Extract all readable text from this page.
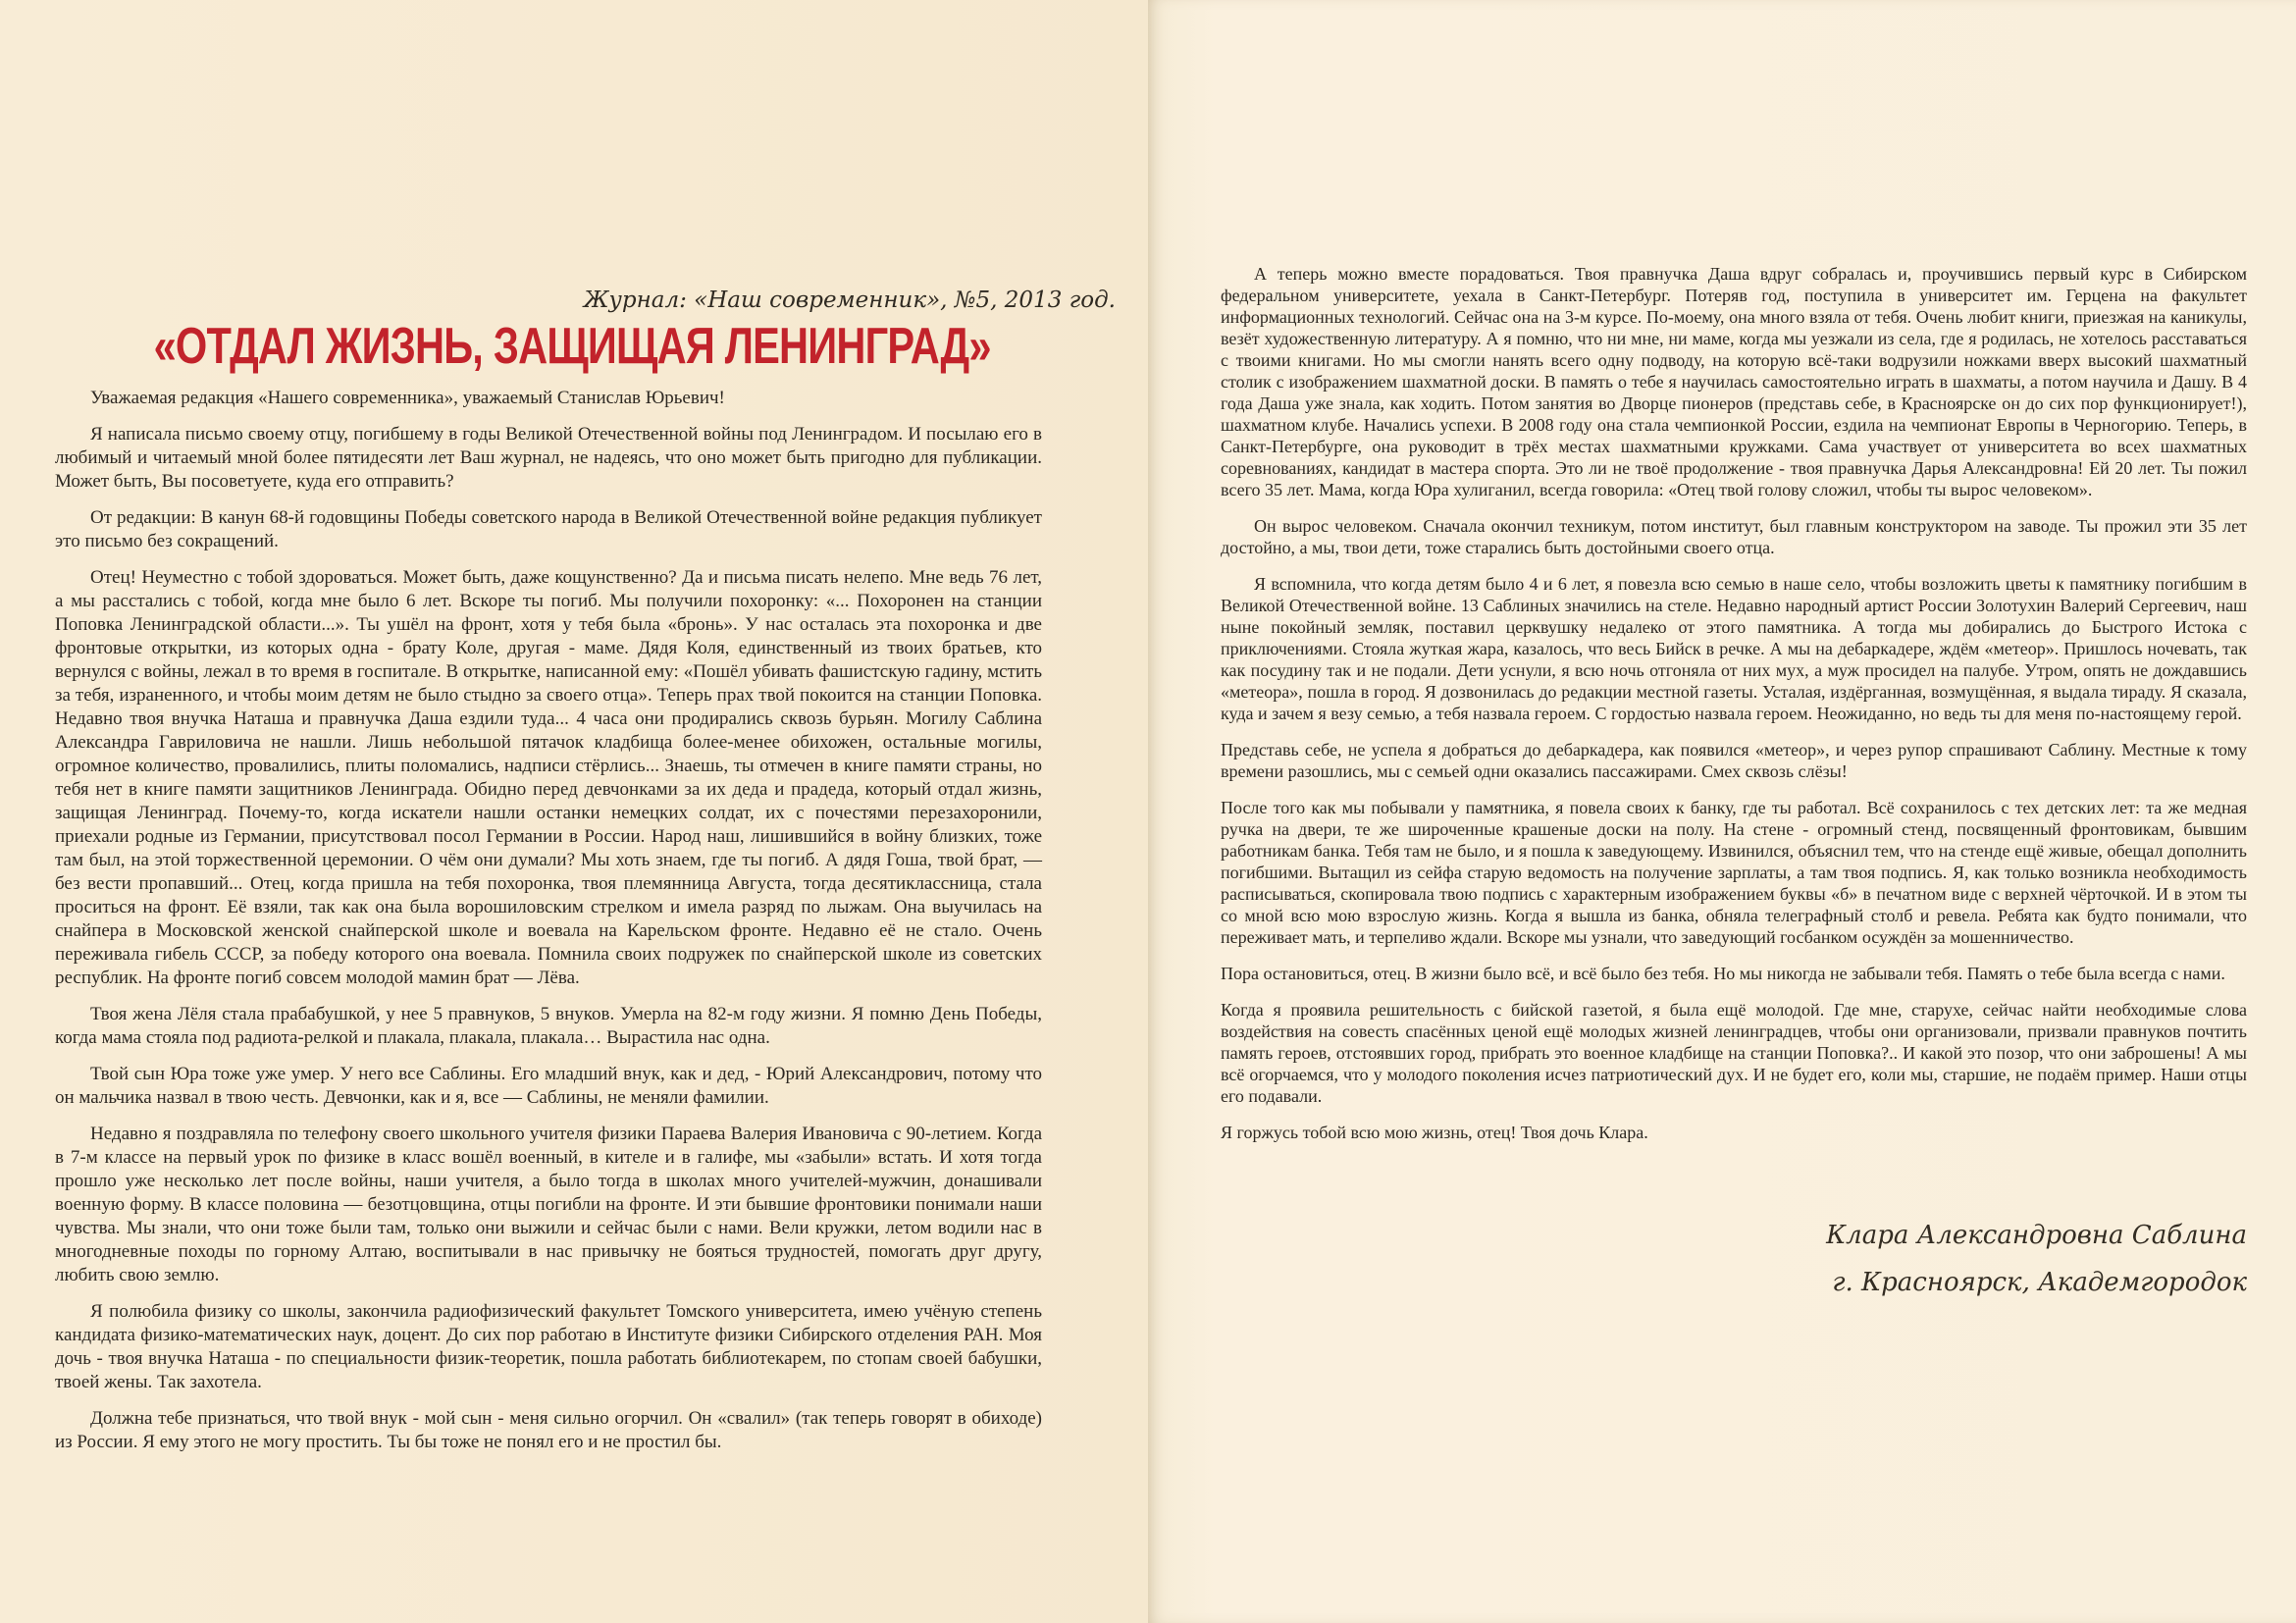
Журнал: «Наш современник», №5, 2013 год.
«ОТДАЛ ЖИЗНЬ, ЗАЩИЩАЯ ЛЕНИНГРАД»

Уважаемая редакция «Нашего современника», уважаемый Станислав Юрьевич!

Я написала письмо своему отцу, погибшему в годы Великой Отечественной войны под Ленинградом. И посылаю его в любимый и читаемый мной более пятидесяти лет Ваш журнал, не надеясь, что оно может быть пригодно для публикации. Может быть, Вы посоветуете, куда его отправить?

От редакции: В канун 68-й годовщины Победы советского народа в Великой Отечественной войне редакция публикует это письмо без сокращений.

Отец! Неуместно с тобой здороваться. Может быть, даже кощунственно? Да и письма писать нелепо. Мне ведь 76 лет, а мы расстались с тобой, когда мне было 6 лет. Вскоре ты погиб. Мы получили похоронку: «... Похоронен на станции Поповка Ленинградской области...». Ты ушёл на фронт, хотя у тебя была «бронь». У нас осталась эта похоронка и две фронтовые открытки, из которых одна - брату Коле, другая - маме. Дядя Коля, единственный из твоих братьев, кто вернулся с войны, лежал в то время в госпитале. В открытке, написанной ему: «Пошёл убивать фашистскую гадину, мстить за тебя, израненного, и чтобы моим детям не было стыдно за своего отца». Теперь прах твой покоится на станции Поповка. Недавно твоя внучка Наташа и правнучка Даша ездили туда... 4 часа они продирались сквозь бурьян. Могилу Саблина Александра Гавриловича не нашли. Лишь небольшой пятачок кладбища более-менее обихожен, остальные могилы, огромное количество, провалились, плиты поломались, надписи стёрлись... Знаешь, ты отмечен в книге памяти страны, но тебя нет в книге памяти защитников Ленинграда. Обидно перед девчонками за их деда и прадеда, который отдал жизнь, защищая Ленинград. Почему-то, когда искатели нашли останки немецких солдат, их с почестями перезахоронили, приехали родные из Германии, присутствовал посол Германии в России. Народ наш, лишившийся в войну близких, тоже там был, на этой торжественной церемонии. О чём они думали? Мы хоть знаем, где ты погиб. А дядя Гоша, твой брат, — без вести пропавший... Отец, когда пришла на тебя похоронка, твоя племянница Августа, тогда десятиклассница, стала проситься на фронт. Её взяли, так как она была ворошиловским стрелком и имела разряд по лыжам. Она выучилась на снайпера в Московской женской снайперской школе и воевала на Карельском фронте. Недавно её не стало. Очень переживала гибель СССР, за победу которого она воевала. Помнила своих подружек по снайперской школе из советских республик. На фронте погиб совсем молодой мамин брат — Лёва.

Твоя жена Лёля стала прабабушкой, у нее 5 правнуков, 5 внуков. Умерла на 82-м году жизни. Я помню День Победы, когда мама стояла под радиота-релкой и плакала, плакала, плакала… Вырастила нас одна.

Твой сын Юра тоже уже умер. У него все Саблины. Его младший внук, как и дед, - Юрий Александрович, потому что он мальчика назвал в твою честь. Девчонки, как и я, все — Саблины, не меняли фамилии.

Недавно я поздравляла по телефону своего школьного учителя физики Параева Валерия Ивановича с 90-летием. Когда в 7-м классе на первый урок по физике в класс вошёл военный, в кителе и в галифе, мы «забыли» встать. И хотя тогда прошло уже несколько лет после войны, наши учителя, а было тогда в школах много учителей-мужчин, донашивали военную форму. В классе половина — безотцовщина, отцы погибли на фронте. И эти бывшие фронтовики понимали наши чувства. Мы знали, что они тоже были там, только они выжили и сейчас были с нами. Вели кружки, летом водили нас в многодневные походы по горному Алтаю, воспитывали в нас привычку не бояться трудностей, помогать друг другу, любить свою землю.

Я полюбила физику со школы, закончила радиофизический факультет Томского университета, имею учёную степень кандидата физико-математических наук, доцент. До сих пор работаю в Институте физики Сибирского отделения РАН. Моя дочь - твоя внучка Наташа - по специальности физик-теоретик, пошла работать библиотекарем, по стопам своей бабушки, твоей жены. Так захотела.

Должна тебе признаться, что твой внук - мой сын - меня сильно огорчил. Он «свалил» (так теперь говорят в обиходе) из России. Я ему этого не могу простить. Ты бы тоже не понял его и не простил бы.

А теперь можно вместе порадоваться. Твоя правнучка Даша вдруг собралась и, проучившись первый курс в Сибирском федеральном университете, уехала в Санкт-Петербург. Потеряв год, поступила в университет им. Герцена на факультет информационных технологий. Сейчас она на 3-м курсе. По-моему, она много взяла от тебя. Очень любит книги, приезжая на каникулы, везёт художественную литературу. А я помню, что ни мне, ни маме, когда мы уезжали из села, где я родилась, не хотелось расставаться с твоими книгами. Но мы смогли нанять всего одну подводу, на которую всё-таки водрузили ножками вверх высокий шахматный столик с изображением шахматной доски. В память о тебе я научилась самостоятельно играть в шахматы, а потом научила и Дашу. В 4 года Даша уже знала, как ходить. Потом занятия во Дворце пионеров (представь себе, в Красноярске он до сих пор функционирует!), шахматном клубе. Начались успехи. В 2008 году она стала чемпионкой России, ездила на чемпионат Европы в Черногорию. Теперь, в Санкт-Петербурге, она руководит в трёх местах шахматными кружками. Сама участвует от университета во всех шахматных соревнованиях, кандидат в мастера спорта. Это ли не твоё продолжение - твоя правнучка Дарья Александровна! Ей 20 лет. Ты пожил всего 35 лет. Мама, когда Юра хулиганил, всегда говорила: «Отец твой голову сложил, чтобы ты вырос человеком».

Он вырос человеком. Сначала окончил техникум, потом институт, был главным конструктором на заводе. Ты прожил эти 35 лет достойно, а мы, твои дети, тоже старались быть достойными своего отца.

Я вспомнила, что когда детям было 4 и 6 лет, я повезла всю семью в наше село, чтобы возложить цветы к памятнику погибшим в Великой Отечественной войне. 13 Саблиных значились на стеле. Недавно народный артист России Золотухин Валерий Сергеевич, наш ныне покойный земляк, поставил церквушку недалеко от этого памятника. А тогда мы добирались до Быстрого Истока с приключениями. Стояла жуткая жара, казалось, что весь Бийск в речке. А мы на дебаркадере, ждём «метеор». Пришлось ночевать, так как посудину так и не подали. Дети уснули, я всю ночь отгоняла от них мух, а муж просидел на палубе. Утром, опять не дождавшись «метеора», пошла в город. Я дозвонилась до редакции местной газеты. Усталая, издёрганная, возмущённая, я выдала тираду. Я сказала, куда и зачем я везу семью, а тебя назвала героем. С гордостью назвала героем. Неожиданно, но ведь ты для меня по-настоящему герой.

Представь себе, не успела я добраться до дебаркадера, как появился «метеор», и через рупор спрашивают Саблину. Местные к тому времени разошлись, мы с семьей одни оказались пассажирами. Смех сквозь слёзы!

После того как мы побывали у памятника, я повела своих к банку, где ты работал. Всё сохранилось с тех детских лет: та же медная ручка на двери, те же широченные крашеные доски на полу. На стене - огромный стенд, посвященный фронтовикам, бывшим работникам банка. Тебя там не было, и я пошла к заведующему. Извинился, объяснил тем, что на стенде ещё живые, обещал дополнить погибшими. Вытащил из сейфа старую ведомость на получение зарплаты, а там твоя подпись. Я, как только возникла необходимость расписываться, скопировала твою подпись с характерным изображением буквы «б» в печатном виде с верхней чёрточкой. И в этом ты со мной всю мою взрослую жизнь. Когда я вышла из банка, обняла телеграфный столб и ревела. Ребята как будто понимали, что переживает мать, и терпеливо ждали. Вскоре мы узнали, что заведующий госбанком осуждён за мошенничество.

Пора остановиться, отец. В жизни было всё, и всё было без тебя. Но мы никогда не забывали тебя. Память о тебе была всегда с нами.

Когда я проявила решительность с бийской газетой, я была ещё молодой. Где мне, старухе, сейчас найти необходимые слова воздействия на совесть спасённых ценой ещё молодых жизней ленинградцев, чтобы они организовали, призвали правнуков почтить память героев, отстоявших город, прибрать это военное кладбище на станции Поповка?.. И какой это позор, что они заброшены! А мы всё огорчаемся, что у молодого поколения исчез патриотический дух. И не будет его, коли мы, старшие, не подаём пример. Наши отцы его подавали.

Я горжусь тобой всю мою жизнь, отец! Твоя дочь Клара.

Клара Александровна Саблина
г. Красноярск, Академгородок
